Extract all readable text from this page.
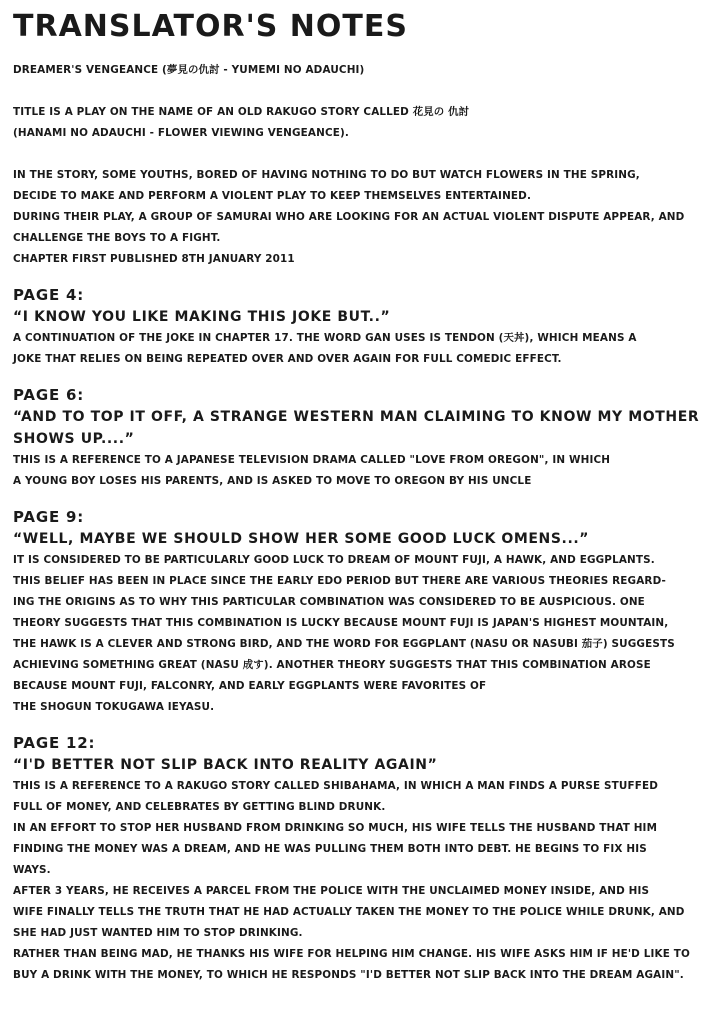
TRANSLATOR'S NOTES

DREAMER'S VENGEANCE (夢見の仇討 - YUMEMI NO ADAUCHI)

TITLE IS A PLAY ON THE NAME OF AN OLD RAKUGO STORY CALLED 花見の 仇討

(HANAMI NO ADAUCHI - FLOWER VIEWING VENGEANCE).

IN THE STORY, SOME YOUTHS, BORED OF HAVING NOTHING TO DO BUT WATCH FLOWERS IN THE SPRING,

DECIDE TO MAKE AND PERFORM A VIOLENT PLAY TO KEEP THEMSELVES ENTERTAINED.

DURING THEIR PLAY, A GROUP OF SAMURAI WHO ARE LOOKING FOR AN ACTUAL VIOLENT DISPUTE APPEAR, AND

CHALLENGE THE BOYS TO A FIGHT.

CHAPTER FIRST PUBLISHED 8TH JANUARY 2011

PAGE 4:

“I KNOW YOU LIKE MAKING THIS JOKE BUT..”

A CONTINUATION OF THE JOKE IN CHAPTER 17. THE WORD GAN USES IS TENDON (天丼), WHICH MEANS A

JOKE THAT RELIES ON BEING REPEATED OVER AND OVER AGAIN FOR FULL COMEDIC EFFECT.

PAGE 6:

“AND TO TOP IT OFF, A STRANGE WESTERN MAN CLAIMING TO KNOW MY MOTHER

SHOWS UP....”

THIS IS A REFERENCE TO A JAPANESE TELEVISION DRAMA CALLED "LOVE FROM OREGON", IN WHICH

A YOUNG BOY LOSES HIS PARENTS, AND IS ASKED TO MOVE TO OREGON BY HIS UNCLE

PAGE 9:

“WELL, MAYBE WE SHOULD SHOW HER SOME GOOD LUCK OMENS...”

IT IS CONSIDERED TO BE PARTICULARLY GOOD LUCK TO DREAM OF MOUNT FUJI, A HAWK, AND EGGPLANTS.

THIS BELIEF HAS BEEN IN PLACE SINCE THE EARLY EDO PERIOD BUT THERE ARE VARIOUS THEORIES REGARD-

ING THE ORIGINS AS TO WHY THIS PARTICULAR COMBINATION WAS CONSIDERED TO BE AUSPICIOUS. ONE

THEORY SUGGESTS THAT THIS COMBINATION IS LUCKY BECAUSE MOUNT FUJI IS JAPAN'S HIGHEST MOUNTAIN,

THE HAWK IS A CLEVER AND STRONG BIRD, AND THE WORD FOR EGGPLANT (NASU OR NASUBI 茄子) SUGGESTS

ACHIEVING SOMETHING GREAT (NASU 成す). ANOTHER THEORY SUGGESTS THAT THIS COMBINATION AROSE

BECAUSE MOUNT FUJI, FALCONRY, AND EARLY EGGPLANTS WERE FAVORITES OF

THE SHOGUN TOKUGAWA IEYASU.

PAGE 12:

“I'D BETTER NOT SLIP BACK INTO REALITY AGAIN”

THIS IS A REFERENCE TO A RAKUGO STORY CALLED SHIBAHAMA, IN WHICH A MAN FINDS A PURSE STUFFED

FULL OF MONEY, AND CELEBRATES BY GETTING BLIND DRUNK.

IN AN EFFORT TO STOP HER HUSBAND FROM DRINKING SO MUCH, HIS WIFE TELLS THE HUSBAND THAT HIM

FINDING THE MONEY WAS A DREAM, AND HE WAS PULLING THEM BOTH INTO DEBT. HE BEGINS TO FIX HIS

WAYS.

AFTER 3 YEARS, HE RECEIVES A PARCEL FROM THE POLICE WITH THE UNCLAIMED MONEY INSIDE, AND HIS

WIFE FINALLY TELLS THE TRUTH THAT HE HAD ACTUALLY TAKEN THE MONEY TO THE POLICE WHILE DRUNK, AND

SHE HAD JUST WANTED HIM TO STOP DRINKING.

RATHER THAN BEING MAD, HE THANKS HIS WIFE FOR HELPING HIM CHANGE. HIS WIFE ASKS HIM IF HE'D LIKE TO

BUY A DRINK WITH THE MONEY, TO WHICH HE RESPONDS "I'D BETTER NOT SLIP BACK INTO THE DREAM AGAIN".
